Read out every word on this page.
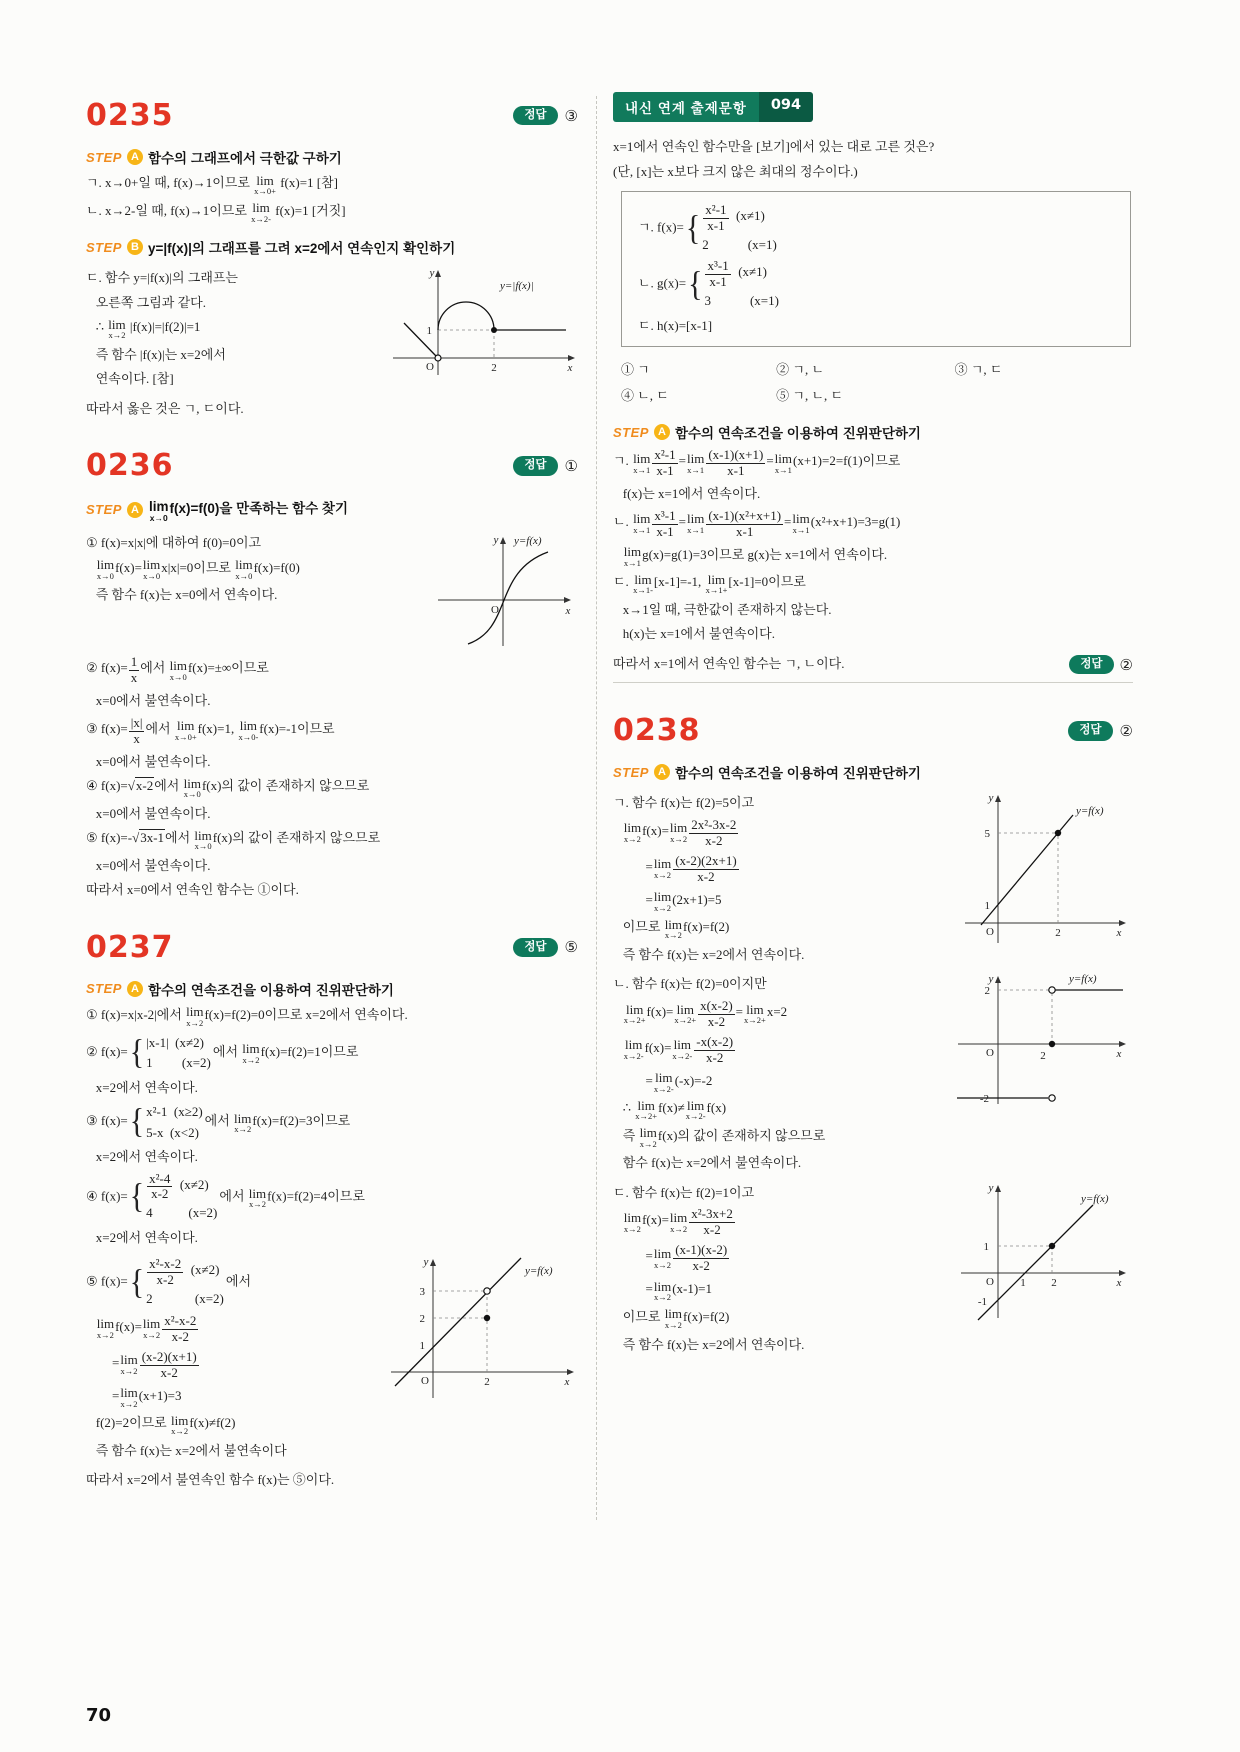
0235	정답	③
STEP A 함수의 그래프에서 극한값 구하기
ㄱ. x→0+일 때, f(x)→1이므로 lim
x→0+
f(x)=1 [참]
ㄴ. x→2-일 때, f(x)→1이므로 lim
x→2-
f(x)=1 [거짓]
STEP B y=|f(x)|의 그래프를 그려 x=2에서 연속인지 확인하기
ㄷ. 함수 y=|f(x)|의 그래프는
오른쪽 그림과 같다.
∴ lim
x→2
|f(x)|=|f(2)|=1
즉 함수 |f(x)|는 x=2에서
연속이다. [참]
1
2
O
y
x
y=|f(x)|
따라서 옳은 것은 ㄱ, ㄷ이다.
0236	정답	①
STEP A lim
x→0
f(x)=f(0)을 만족하는 함수 찾기
① f(x)=x|x|에 대하여 f(0)=0이고

lim
x→0
f(x)= lim
x→0
x|x|=0이므로 lim
x→0
f(x)=f(0)
즉 함수 f(x)는 x=0에서 연속이다.
O
y
x
y=f(x)
② $f(x)= \frac{1}{x}$ 에서 lim
x→0
f(x)=±∞이므로
x=0에서 불연속이다.
③ $f(x)= \frac{|x|}{x}$ 에서 lim
x→0+
f(x)=1, lim
x→0-
f(x)=-1이므로
x=0에서 불연속이다.
④ f(x)=√x-2에서 lim
x→0
f(x)의 값이 존재하지 않으므로
x=0에서 불연속이다.
⑤ f(x)=-√3x-1에서 lim
x→0
f(x)의 값이 존재하지 않으므로
x=0에서 불연속이다.
따라서 x=0에서 연속인 함수는 ①이다.
0237	정답	⑤
STEP A 함수의 연속조건을 이용하여 진위판단하기
① f(x)=x|x-2|에서 lim
x→2
f(x)=f(2)=0이므로 x=2에서 연속이다.
② f(x)= { |x-1|  (x≠2)
1         (x=2)
에서 lim
x→2
f(x)=f(2)=1이므로
x=2에서 연속이다.
③ f(x)= { x²-1  (x≥2)
5-x  (x<2)
에서 lim
x→2
f(x)=f(2)=3이므로
x=2에서 연속이다.
④ f(x)= { $\frac{\text{x²-4}}{x-2} (x\ne 2)$
4           (x=2)
에서 lim
x→2
f(x)=f(2)=4이므로
x=2에서 연속이다.
⑤ f(x)= { $\frac{\text{x²-x-2}}{x-2} (x\ne 2)$
2             (x=2)
에서

lim
x→2
f(x)= lim
$x\to 2 \frac{\text{x²-x-2}}{x-2}$
= lim
$x\to 2 \frac{(x-2)(x+1)}{x-2}$
= lim
x→2
(x+1)=3
f(2)=2이므로 lim
x→2
f(x)≠f(2)
즉 함수 f(x)는 x=2에서 불연속이다
3
2
1
2
O
y
x
y=f(x)
따라서 x=2에서 불연속인 함수 f(x)는 ⑤이다.
내신 연계 출제문항	094
x=1에서 연속인 함수만을 [보기]에서 있는 대로 고른 것은?
(단, [x]는 x보다 크지 않은 최대의 정수이다.)
ㄱ. f(x)= { $\frac{\text{x²-1}}{x-1} (x\ne 1)$
2            (x=1)
ㄴ. g(x)= { $\frac{\text{x³-1}}{x-1} (x\ne 1)$
3            (x=1)
ㄷ. h(x)=[x-1]
① ㄱ	② ㄱ, ㄴ	③ ㄱ, ㄷ
④ ㄴ, ㄷ	⑤ ㄱ, ㄴ, ㄷ
STEP A 함수의 연속조건을 이용하여 진위판단하기
ㄱ. lim
$x\to 1 \frac{\text{x²-1}}{x-1} = \lim$
$x\to 1 \frac{(x-1)(x+1)}{x-1} = \lim$
x→1
(x+1)=2=f(1)이므로
f(x)는 x=1에서 연속이다.
ㄴ. lim
$x\to 1 \frac{\text{x³-1}}{x-1} = \lim$
$x\to 1 \frac{\text{(x-1)(x²+x+1)}}{x-1} = \lim$
x→1
(x²+x+1)=3=g(1)

lim
x→1
g(x)=g(1)=3이므로 g(x)는 x=1에서 연속이다.
ㄷ. lim
x→1-
[x-1]=-1, lim
x→1+
[x-1]=0이므로
x→1일 때, 극한값이 존재하지 않는다.
h(x)는 x=1에서 불연속이다.
따라서 x=1에서 연속인 함수는 ㄱ, ㄴ이다.	정답	②
0238	정답	②
STEP A 함수의 연속조건을 이용하여 진위판단하기
ㄱ. 함수 f(x)는 f(2)=5이고

lim
x→2
f(x)= lim
$x\to 2 \frac{\text{2x²-3x-2}}{x-2}$
= lim
$x\to 2 \frac{(x-2)(2x+1)}{x-2}$
= lim
x→2
(2x+1)=5
이므로 lim
x→2
f(x)=f(2)
즉 함수 f(x)는 x=2에서 연속이다.
5
1
O	2
y
x
y=f(x)
ㄴ. 함수 f(x)는 f(2)=0이지만

lim
x→2+
f(x)= lim
$x\to 2+ \frac{x(x-2)}{x-2} = \lim$
x→2+
x=2

lim
x→2-
f(x)= lim
$x\to 2- \frac{-x(x-2)}{x-2}$
= lim
x→2-
(-x)=-2
∴ lim
x→2+
f(x)≠ lim
x→2-
f(x)
즉 lim
x→2
f(x)의 값이 존재하지 않으므로
함수 f(x)는 x=2에서 불연속이다.
2
-2
O	2
y
x
y=f(x)
ㄷ. 함수 f(x)는 f(2)=1이고

lim
x→2
f(x)= lim
$x\to 2 \frac{\text{x²-3x+2}}{x-2}$
= lim
$x\to 2 \frac{(x-1)(x-2)}{x-2}$
= lim
x→2
(x-1)=1
이므로 lim
x→2
f(x)=f(2)
즉 함수 f(x)는 x=2에서 연속이다.
1
-1
O 1 2
y
x
y=f(x)
70
